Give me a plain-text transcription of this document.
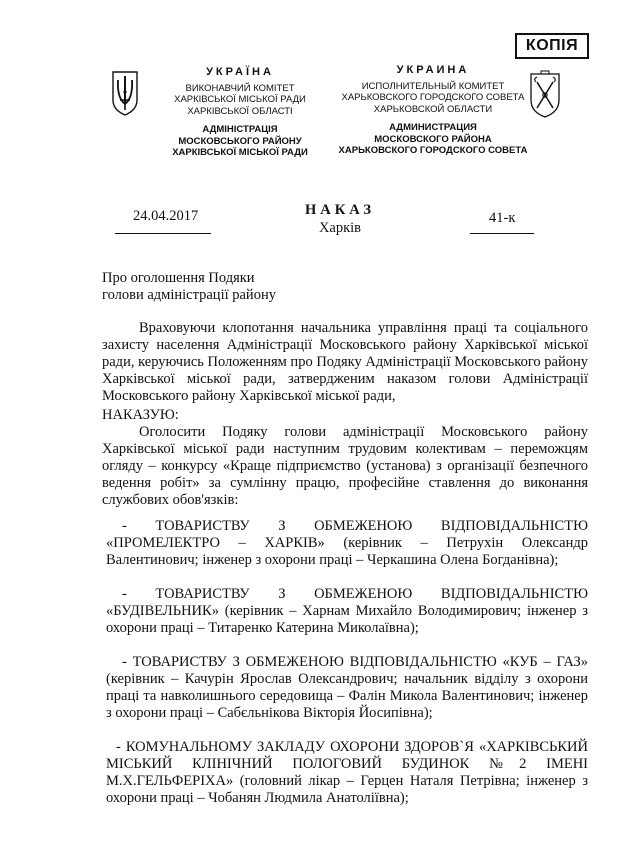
КОПІЯ
УКРАЇНА
ВИКОНАВЧИЙ КОМІТЕТ
ХАРКІВСЬКОЇ МІСЬКОЇ РАДИ
ХАРКІВСЬКОЇ ОБЛАСТІ
АДМІНІСТРАЦІЯ
МОСКОВСЬКОГО РАЙОНУ
ХАРКІВСЬКОЇ МІСЬКОЇ РАДИ
УКРАИНА
ИСПОЛНИТЕЛЬНЫЙ КОМИТЕТ
ХАРЬКОВСКОГО ГОРОДСКОГО СОВЕТА
ХАРЬКОВСКОЙ ОБЛАСТИ
АДМИНИСТРАЦИЯ
МОСКОВСКОГО РАЙОНА
ХАРЬКОВСКОГО ГОРОДСКОГО СОВЕТА
24.04.2017	НАКАЗ
Харків
41-к
Про оголошення Подяки
голови адміністрації району
Враховуючи клопотання начальника управління праці та соціального захисту населення Адміністрації Московського району Харківської міської ради, керуючись Положенням про Подяку Адміністрації Московського району Харківської міської ради, затвердженим наказом голови Адміністрації Московського району Харківської міської ради,
НАКАЗУЮ:
Оголосити Подяку голови адміністрації Московського району Харківської міської ради наступним трудовим колективам – переможцям огляду – конкурсу «Краще підприємство (установа) з організації безпечного ведення робіт» за сумлінну працю, професійне ставлення до виконання службових обов'язків:
- ТОВАРИСТВУ З ОБМЕЖЕНОЮ ВІДПОВІДАЛЬНІСТЮ «ПРОМЕЛЕКТРО – ХАРКІВ» (керівник – Петрухін Олександр Валентинович; інженер з охорони праці – Черкашина Олена Богданівна);
- ТОВАРИСТВУ З ОБМЕЖЕНОЮ ВІДПОВІДАЛЬНІСТЮ «БУДІВЕЛЬНИК» (керівник – Харнам Михайло Володимирович; інженер з охорони праці – Титаренко Катерина Миколаївна);
- ТОВАРИСТВУ З ОБМЕЖЕНОЮ ВІДПОВІДАЛЬНІСТЮ «КУБ – ГАЗ» (керівник – Качурін Ярослав Олександрович; начальник відділу з охорони праці та навколишнього середовища – Фалін Микола Валентинович; інженер з охорони праці – Сабєльнікова Вікторія Йосипівна);
- КОМУНАЛЬНОМУ ЗАКЛАДУ ОХОРОНИ ЗДОРОВ`Я «ХАРКІВСЬКИЙ МІСЬКИЙ КЛІНІЧНИЙ ПОЛОГОВИЙ БУДИНОК №2 ІМЕНІ М.Х.ГЕЛЬФЕРІХА» (головний лікар – Герцен Наталя Петрівна; інженер з охорони праці – Чобанян Людмила Анатоліївна);
